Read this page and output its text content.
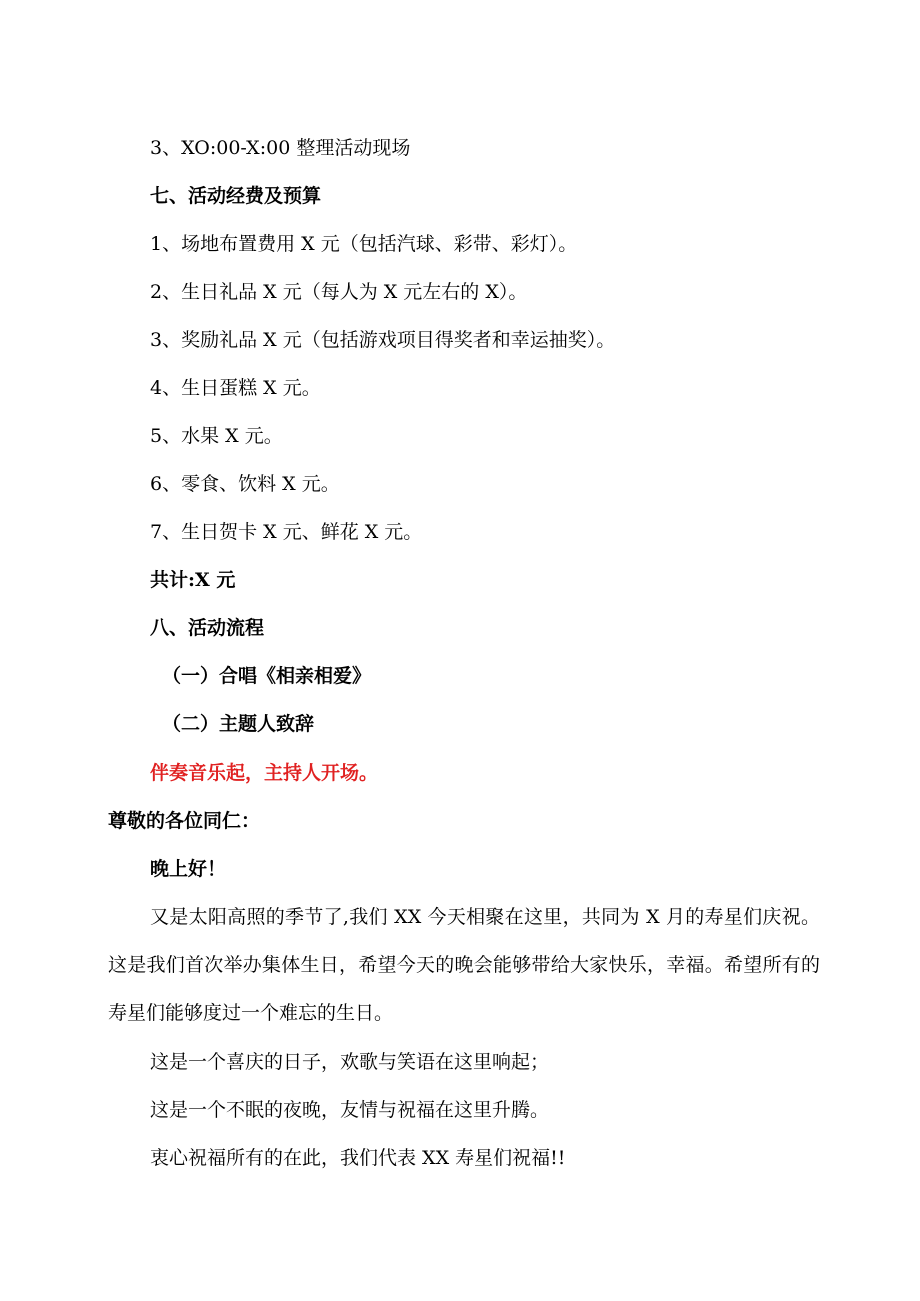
3、XO:00-X:00 整理活动现场
七、活动经费及预算
1、场地布置费用 X 元（包括汽球、彩带、彩灯）。
2、生日礼品 X 元（每人为 X 元左右的 X）。
3、奖励礼品 X 元（包括游戏项目得奖者和幸运抽奖）。
4、生日蛋糕 X 元。
5、水果 X 元。
6、零食、饮料 X 元。
7、生日贺卡 X 元、鲜花 X 元。
共计:X 元
八、活动流程
（一）合唱《相亲相爱》
（二）主题人致辞
伴奏音乐起，主持人开场。
尊敬的各位同仁：
晚上好！
又是太阳高照的季节了,我们 XX 今天相聚在这里，共同为 X 月的寿星们庆祝。这是我们首次举办集体生日，希望今天的晚会能够带给大家快乐，幸福。希望所有的寿星们能够度过一个难忘的生日。
这是一个喜庆的日子，欢歌与笑语在这里响起；
这是一个不眠的夜晚，友情与祝福在这里升腾。
衷心祝福所有的在此，我们代表 XX 寿星们祝福!!
